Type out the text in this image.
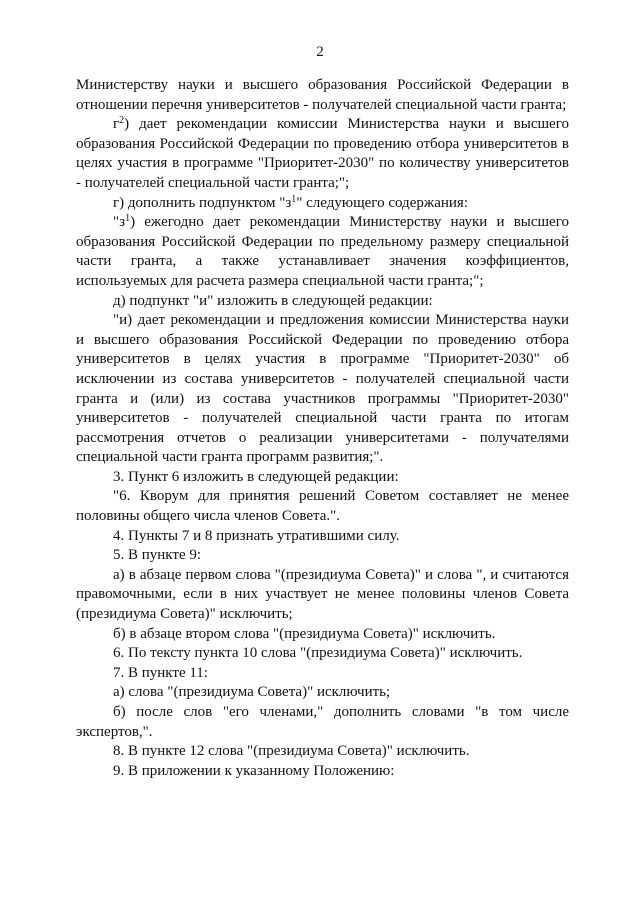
2

Министерству науки и высшего образования Российской Федерации в отношении перечня университетов - получателей специальной части гранта;

$г^2$) дает рекомендации комиссии Министерства науки и высшего образования Российской Федерации по проведению отбора университетов в целях участия в программе "Приоритет-2030" по количеству университетов - получателей специальной части гранта;";

г) дополнить подпунктом "$з^1$" следующего содержания:

"$з^1$) ежегодно дает рекомендации Министерству науки и высшего образования Российской Федерации по предельному размеру специальной части гранта, а также устанавливает значения коэффициентов, используемых для расчета размера специальной части гранта;";

д) подпункт "и" изложить в следующей редакции:

"и) дает рекомендации и предложения комиссии Министерства науки и высшего образования Российской Федерации по проведению отбора университетов в целях участия в программе "Приоритет-2030" об исключении из состава университетов - получателей специальной части гранта и (или) из состава участников программы "Приоритет-2030" университетов - получателей специальной части гранта по итогам рассмотрения отчетов о реализации университетами - получателями специальной части гранта программ развития;".

3. Пункт 6 изложить в следующей редакции:

"6. Кворум для принятия решений Советом составляет не менее половины общего числа членов Совета.".

4. Пункты 7 и 8 признать утратившими силу.

5. В пункте 9:

а) в абзаце первом слова "(президиума Совета)" и слова ", и считаются правомочными, если в них участвует не менее половины членов Совета (президиума Совета)" исключить;

б) в абзаце втором слова "(президиума Совета)" исключить.

6. По тексту пункта 10 слова "(президиума Совета)" исключить.

7. В пункте 11:

а) слова "(президиума Совета)" исключить;

б) после слов "его членами," дополнить словами "в том числе экспертов,".

8. В пункте 12 слова "(президиума Совета)" исключить.

9. В приложении к указанному Положению:
